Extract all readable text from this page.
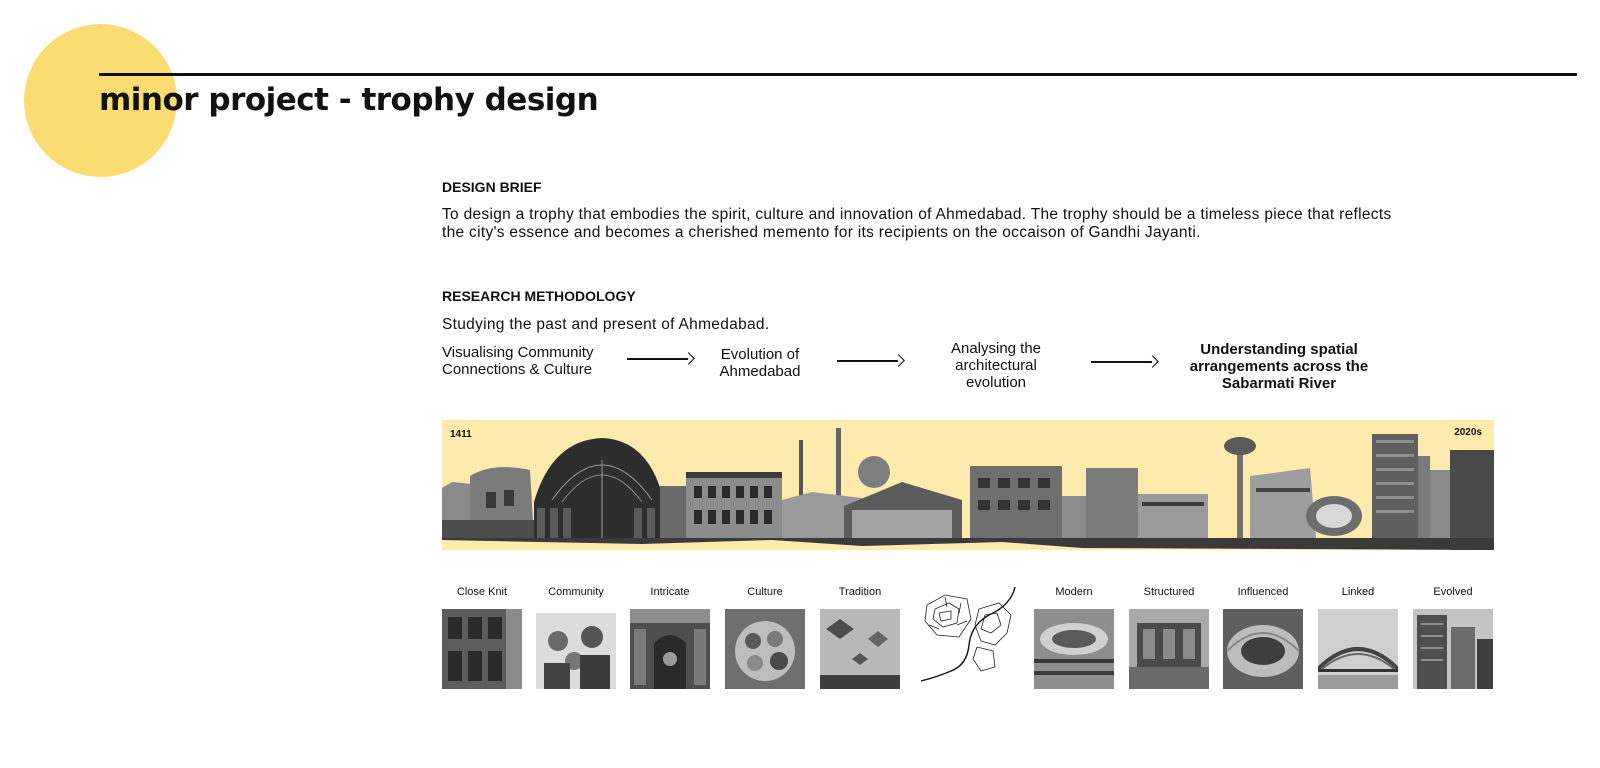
minor project - trophy design
DESIGN BRIEF
To design a trophy that embodies the spirit, culture and innovation of Ahmedabad. The trophy should be a timeless piece that reflects
the city's essence and becomes a cherished memento for its recipients on the occaison of Gandhi Jayanti.
RESEARCH METHODOLOGY
Studying the past and present of Ahmedabad.
Visualising Community
Connections & Culture
Evolution of
Ahmedabad
Analysing the
architectural
evolution
Understanding spatial
arrangements across the
Sabarmati River
1411	2020s
Close Knit	Community	Intricate	Culture	Tradition	Modern	Structured	Influenced	Linked	Evolved
